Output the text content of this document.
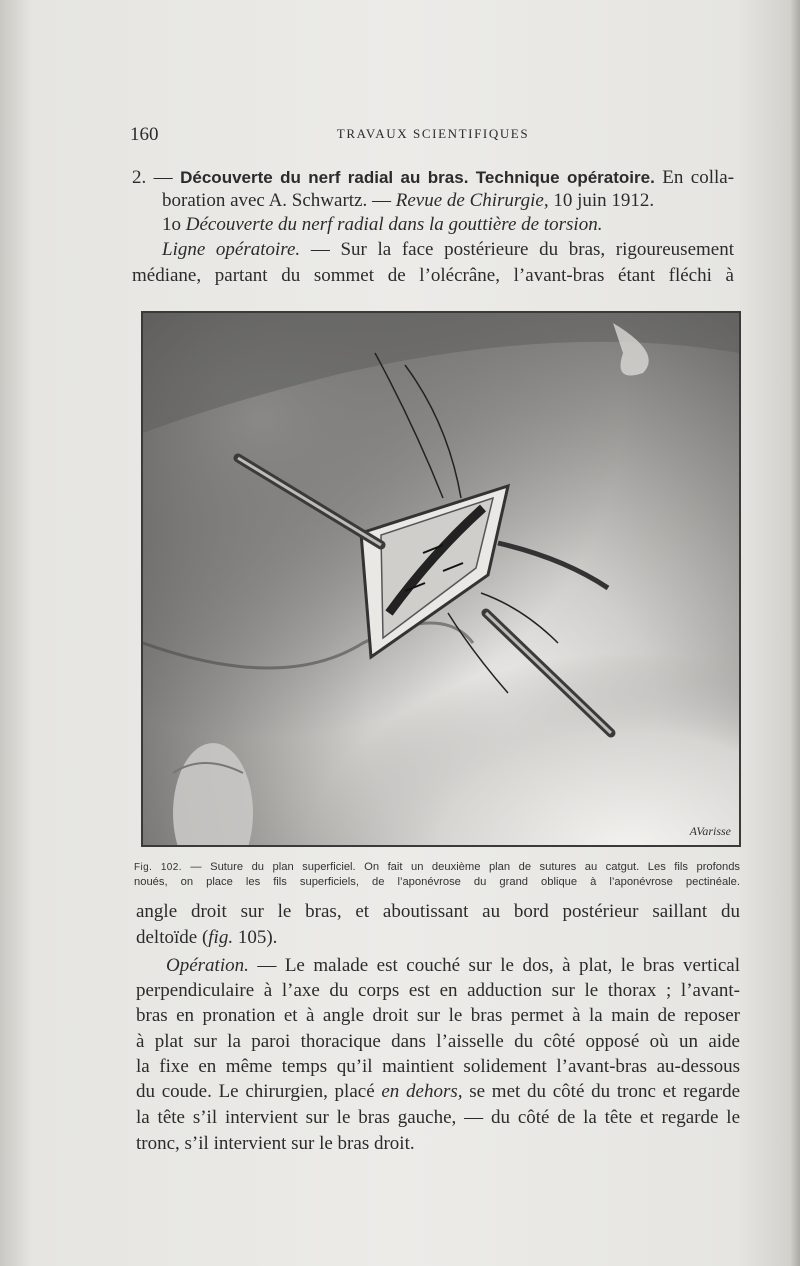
160	TRAVAUX SCIENTIFIQUES

2. — Découverte du nerf radial au bras. Technique opératoire. En colla-

boration avec A. Schwartz. — Revue de Chirurgie, 10 juin 1912.

1o Découverte du nerf radial dans la gouttière de torsion.

Ligne opératoire. — Sur la face postérieure du bras, rigoureusement

médiane, partant du sommet de l’olécrâne, l’avant-bras étant fléchi à

AVarisse

Fig. 102. — Suture du plan superficiel. On fait un deuxième plan de sutures au catgut. Les fils profonds
noués, on place les fils superficiels, de l’aponévrose du grand oblique à l’aponévrose pectinéale.

angle droit sur le bras, et aboutissant au bord postérieur saillant du

deltoïde (fig. 105).

Opération. — Le malade est couché sur le dos, à plat, le bras vertical

perpendiculaire à l’axe du corps est en adduction sur le thorax ; l’avant-

bras en pronation et à angle droit sur le bras permet à la main de reposer

à plat sur la paroi thoracique dans l’aisselle du côté opposé où un aide

la fixe en même temps qu’il maintient solidement l’avant-bras au-dessous

du coude. Le chirurgien, placé en dehors, se met du côté du tronc et regarde

la tête s’il intervient sur le bras gauche, — du côté de la tête et regarde le

tronc, s’il intervient sur le bras droit.
